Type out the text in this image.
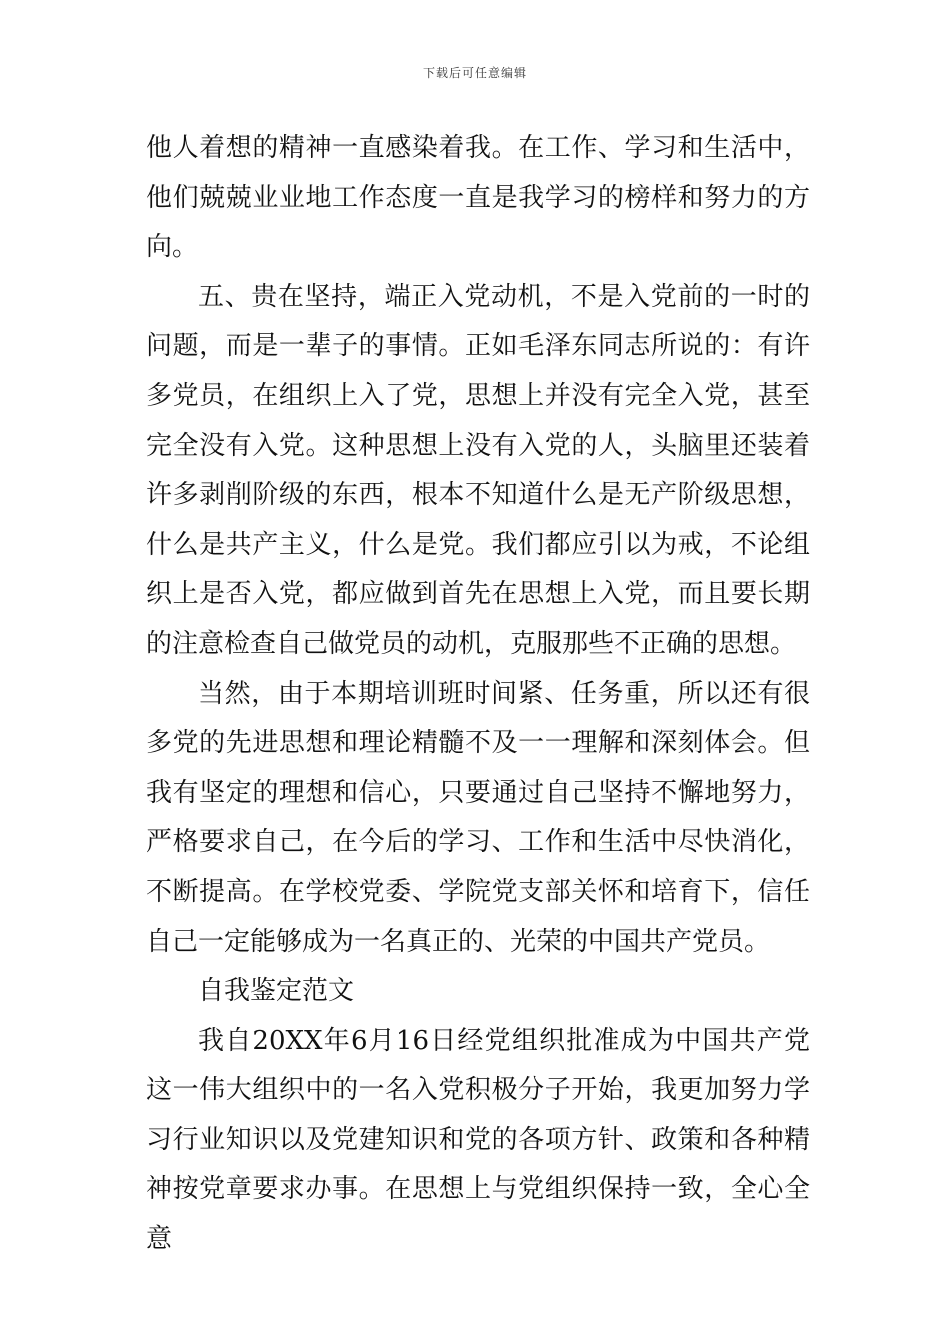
下载后可任意编辑

他人着想的精神一直感染着我。在工作、学习和生活中，他们兢兢业业地工作态度一直是我学习的榜样和努力的方向。

五、贵在坚持，端正入党动机，不是入党前的一时的问题，而是一辈子的事情。正如毛泽东同志所说的：有许多党员，在组织上入了党，思想上并没有完全入党，甚至完全没有入党。这种思想上没有入党的人，头脑里还装着许多剥削阶级的东西，根本不知道什么是无产阶级思想，什么是共产主义，什么是党。我们都应引以为戒，不论组织上是否入党，都应做到首先在思想上入党，而且要长期的注意检查自己做党员的动机，克服那些不正确的思想。

当然，由于本期培训班时间紧、任务重，所以还有很多党的先进思想和理论精髓不及一一理解和深刻体会。但我有坚定的理想和信心，只要通过自己坚持不懈地努力，严格要求自己，在今后的学习、工作和生活中尽快消化，不断提高。在学校党委、学院党支部关怀和培育下，信任自己一定能够成为一名真正的、光荣的中国共产党员。

自我鉴定范文

我自20XX年6月16日经党组织批准成为中国共产党这一伟大组织中的一名入党积极分子开始，我更加努力学习行业知识以及党建知识和党的各项方针、政策和各种精神按党章要求办事。在思想上与党组织保持一致，全心全意
